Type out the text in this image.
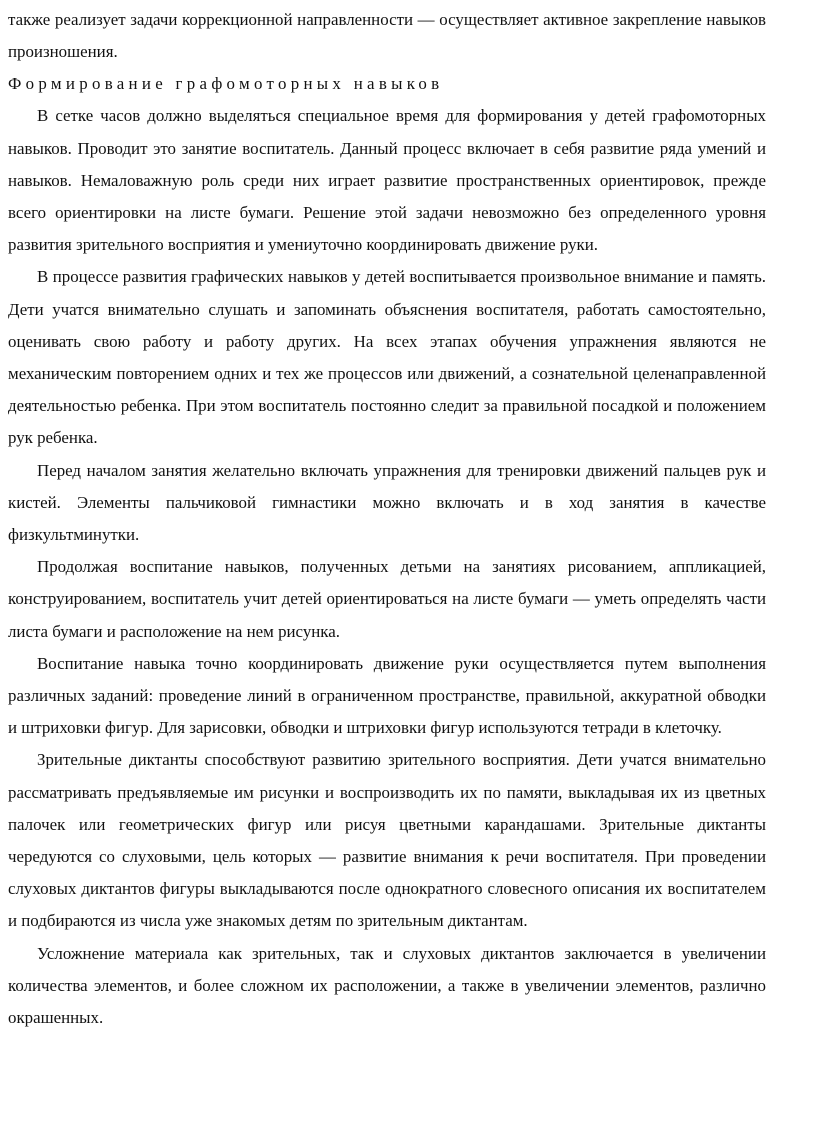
также реализует задачи коррекционной направленности — осуществляет активное закрепление навыков произношения.

Формирование графомоторных навыков

В сетке часов должно выделяться специальное время для формирования у детей графомоторных навыков. Проводит это занятие воспитатель. Данный процесс включает в себя развитие ряда умений и навыков. Немаловажную роль среди них играет развитие пространственных ориентировок, прежде всего ориентировки на листе бумаги. Решение этой задачи невозможно без определенного уровня развития зрительного восприятия и умениуточно координировать движение руки.

В процессе развития графических навыков у детей воспитывается произвольное внимание и память. Дети учатся внимательно слушать и запоминать объяснения воспитателя, работать самостоятельно, оценивать свою работу и работу других. На всех этапах обучения упражнения являются не механическим повторением одних и тех же процессов или движений, а сознательной целенаправленной деятельностью ребенка. При этом воспитатель постоянно следит за правильной посадкой и положением рук ребенка.

Перед началом занятия желательно включать упражнения для тренировки движений пальцев рук и кистей. Элементы пальчиковой гимнастики можно включать и в ход занятия в качестве физкультминутки.

Продолжая воспитание навыков, полученных детьми на занятиях рисованием, аппликацией, конструированием, воспитатель учит детей ориентироваться на листе бумаги — уметь определять части листа бумаги и расположение на нем рисунка.

Воспитание навыка точно координировать движение руки осуществляется путем выполнения различных заданий: проведение линий в ограниченном пространстве, правильной, аккуратной обводки и штриховки фигур. Для зарисовки, обводки и штриховки фигур используются тетради в клеточку.

Зрительные диктанты способствуют развитию зрительного восприятия. Дети учатся внимательно рассматривать предъявляемые им рисунки и воспроизводить их по памяти, выкладывая их из цветных палочек или геометрических фигур или рисуя цветными карандашами. Зрительные диктанты чередуются со слуховыми, цель которых — развитие внимания к речи воспитателя. При проведении слуховых диктантов фигуры выкладываются после однократного словесного описания их воспитателем и подбираются из числа уже знакомых детям по зрительным диктантам.

Усложнение материала как зрительных, так и слуховых диктантов заключается в увеличении количества элементов, и более сложном их расположении, а также в увеличении элементов, различно окрашенных.
